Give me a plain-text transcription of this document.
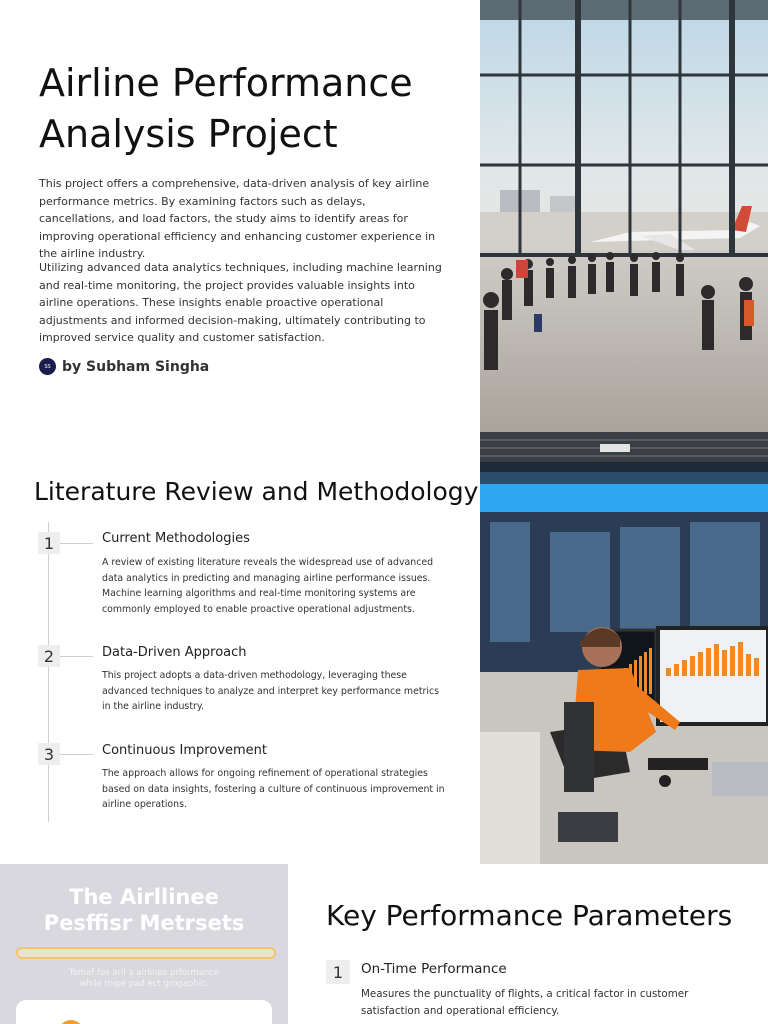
Airline Performance Analysis Project

This project offers a comprehensive, data-driven analysis of key airline performance metrics. By examining factors such as delays, cancellations, and load factors, the study aims to identify areas for improving operational efficiency and enhancing customer experience in the airline industry.

Utilizing advanced data analytics techniques, including machine learning and real-time monitoring, the project provides valuable insights into airline operations. These insights enable proactive operational adjustments and informed decision-making, ultimately contributing to improved service quality and customer satisfaction.

SS by Subham Singha
Literature Review and Methodology
1	Current Methodologies

A review of existing literature reveals the widespread use of advanced data analytics in predicting and managing airline performance issues. Machine learning algorithms and real-time monitoring systems are commonly employed to enable proactive operational adjustments.

2	Data-Driven Approach

This project adopts a data-driven methodology, leveraging these advanced techniques to analyze and interpret key performance metrics in the airline industry.

3	Continuous Improvement

The approach allows for ongoing refinement of operational strategies based on data insights, fostering a culture of continuous improvement in airline operations.

The Airllinee
Pesffisr Metrsets
Tomef fos aril a airlines prformance
while tnipe pad ect grogaphic.
Key Performance Parameters
1	On-Time Performance

Measures the punctuality of flights, a critical factor in customer satisfaction and operational efficiency.
